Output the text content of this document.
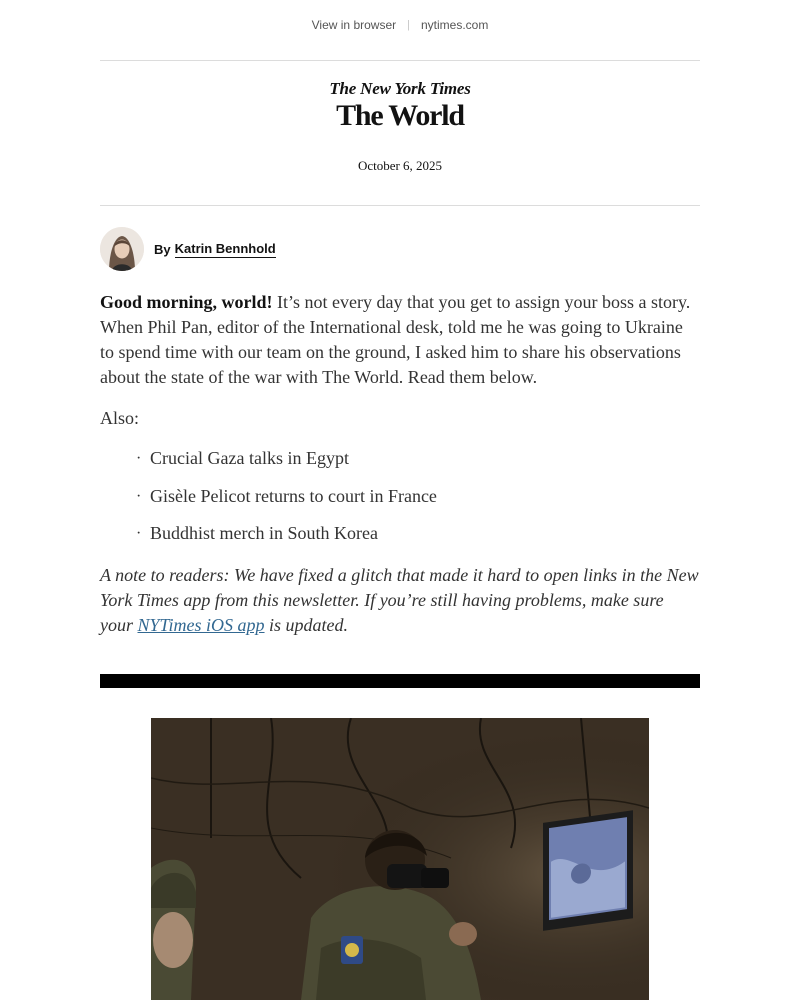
View in browser | nytimes.com
The New York Times
The World
October 6, 2025
By Katrin Bennhold

Good morning, world! It’s not every day that you get to assign your boss a story. When Phil Pan, editor of the International desk, told me he was going to Ukraine to spend time with our team on the ground, I asked him to share his observations about the state of the war with The World. Read them below.

Also:

· Crucial Gaza talks in Egypt
· Gisèle Pelicot returns to court in France
· Buddhist merch in South Korea

A note to readers: We have fixed a glitch that made it hard to open links in the New York Times app from this newsletter. If you’re still having problems, make sure your NYTimes iOS app is updated.
